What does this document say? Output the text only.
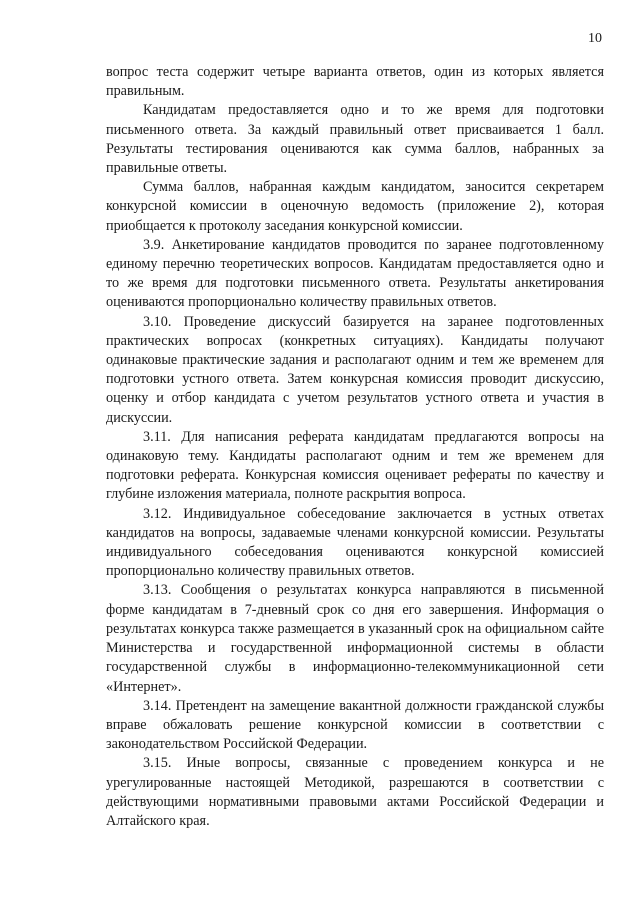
10

вопрос теста содержит четыре варианта ответов, один из которых является правильным.

Кандидатам предоставляется одно и то же время для подготовки письменного ответа. За каждый правильный ответ присваивается 1 балл. Результаты тестирования оцениваются как сумма баллов, набранных за правильные ответы.

Сумма баллов, набранная каждым кандидатом, заносится секретарем конкурсной комиссии в оценочную ведомость (приложение 2), которая приобщается к протоколу заседания конкурсной комиссии.

3.9. Анкетирование кандидатов проводится по заранее подготовленному единому перечню теоретических вопросов. Кандидатам предоставляется одно и то же время для подготовки письменного ответа. Результаты анкетирования оцениваются пропорционально количеству правильных ответов.

3.10. Проведение дискуссий базируется на заранее подготовленных практических вопросах (конкретных ситуациях). Кандидаты получают одинаковые практические задания и располагают одним и тем же временем для подготовки устного ответа. Затем конкурсная комиссия проводит дискуссию, оценку и отбор кандидата с учетом результатов устного ответа и участия в дискуссии.

3.11. Для написания реферата кандидатам предлагаются вопросы на одинаковую тему. Кандидаты располагают одним и тем же временем для подготовки реферата. Конкурсная комиссия оценивает рефераты по качеству и глубине изложения материала, полноте раскрытия вопроса.

3.12. Индивидуальное собеседование заключается в устных ответах кандидатов на вопросы, задаваемые членами конкурсной комиссии. Результаты индивидуального собеседования оцениваются конкурсной комиссией пропорционально количеству правильных ответов.

3.13. Сообщения о результатах конкурса направляются в письменной форме кандидатам в 7-дневный срок со дня его завершения. Информация о результатах конкурса также размещается в указанный срок на официальном сайте Министерства и государственной информационной системы в области государственной службы в информационно-телекоммуникационной сети «Интернет».

3.14. Претендент на замещение вакантной должности гражданской службы вправе обжаловать решение конкурсной комиссии в соответствии с законодательством Российской Федерации.

3.15. Иные вопросы, связанные с проведением конкурса и не урегулированные настоящей Методикой, разрешаются в соответствии с действующими нормативными правовыми актами Российской Федерации и Алтайского края.
